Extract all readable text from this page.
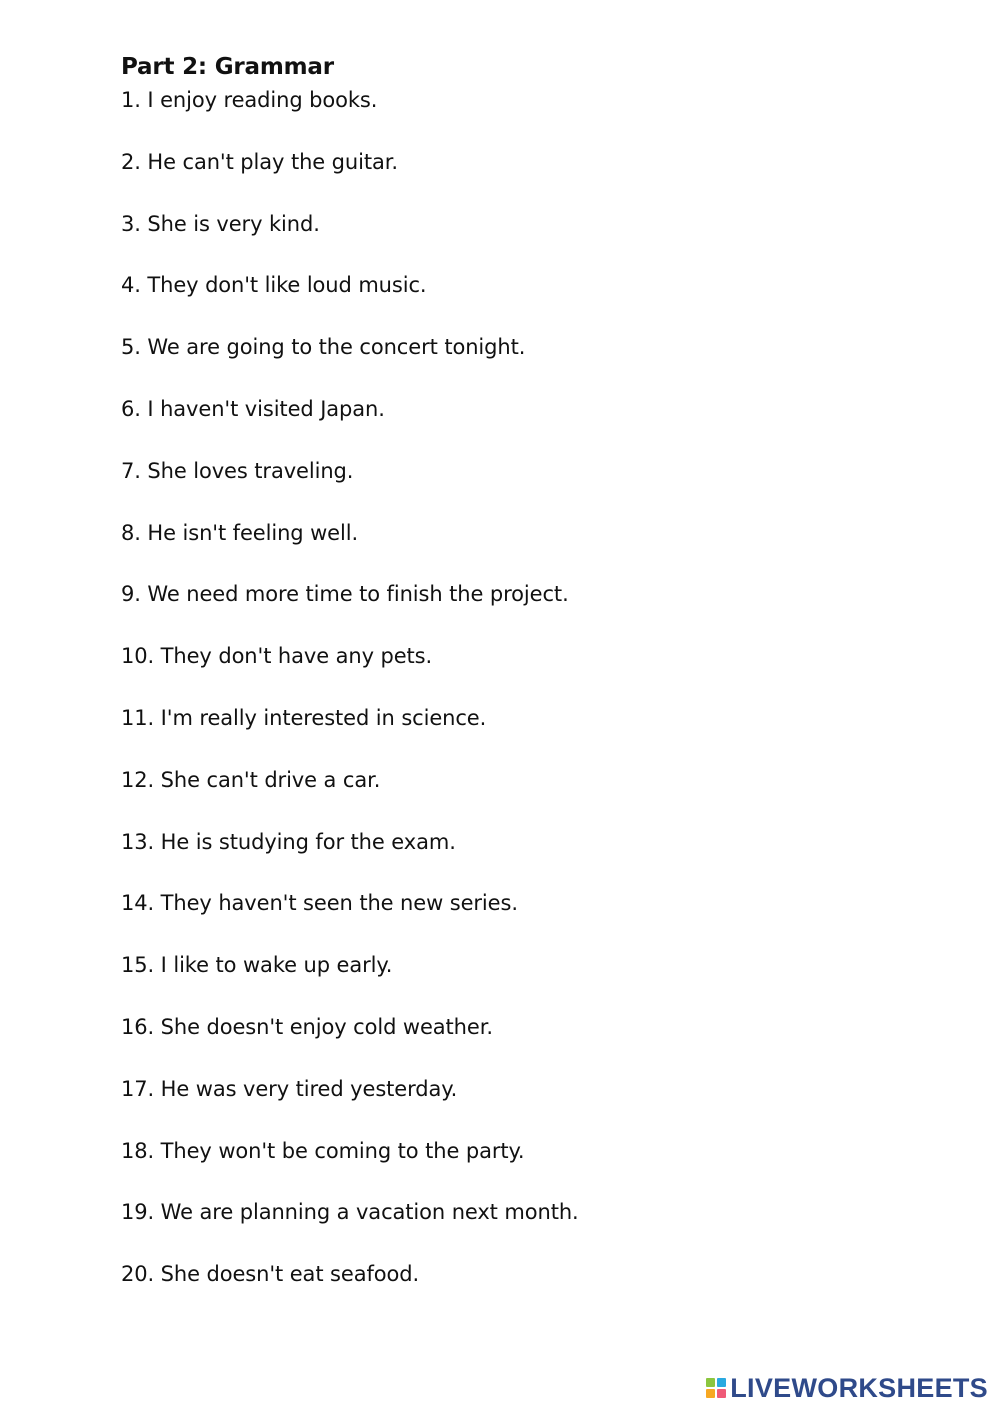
Part 2: Grammar
1. I enjoy reading books.
2. He can't play the guitar.
3. She is very kind.
4. They don't like loud music.
5. We are going to the concert tonight.
6. I haven't visited Japan.
7. She loves traveling.
8. He isn't feeling well.
9. We need more time to finish the project.
10. They don't have any pets.
11. I'm really interested in science.
12. She can't drive a car.
13. He is studying for the exam.
14. They haven't seen the new series.
15. I like to wake up early.
16. She doesn't enjoy cold weather.
17. He was very tired yesterday.
18. They won't be coming to the party.
19. We are planning a vacation next month.
20. She doesn't eat seafood.
LIVEWORKSHEETS
